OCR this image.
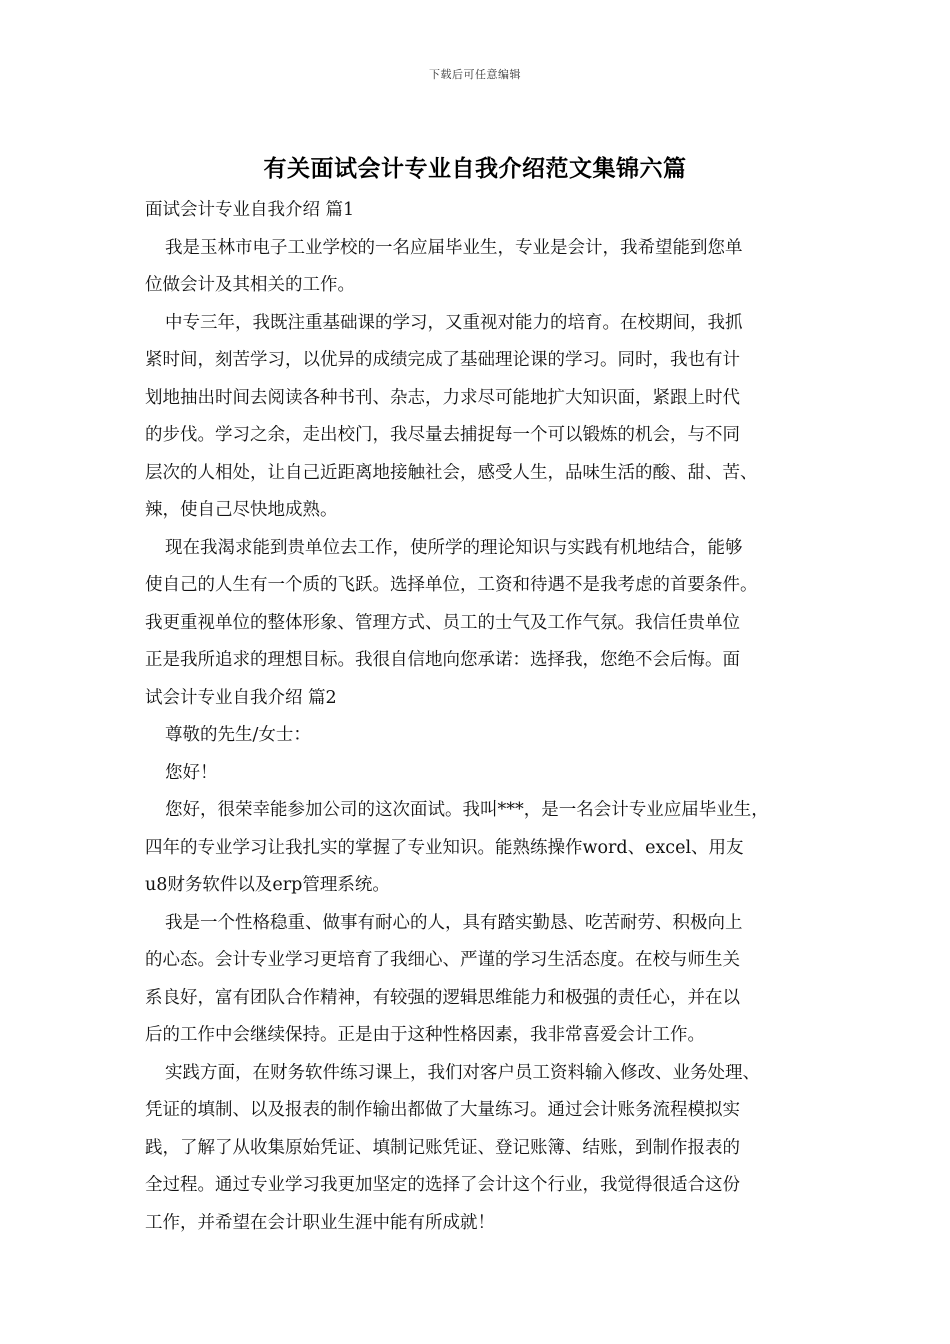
下载后可任意编辑
有关面试会计专业自我介绍范文集锦六篇
面试会计专业自我介绍 篇1
我是玉林市电子工业学校的一名应届毕业生，专业是会计，我希望能到您单
位做会计及其相关的工作。
中专三年，我既注重基础课的学习，又重视对能力的培育。在校期间，我抓
紧时间，刻苦学习，以优异的成绩完成了基础理论课的学习。同时，我也有计
划地抽出时间去阅读各种书刊、杂志，力求尽可能地扩大知识面，紧跟上时代
的步伐。学习之余，走出校门，我尽量去捕捉每一个可以锻炼的机会，与不同
层次的人相处，让自己近距离地接触社会，感受人生，品味生活的酸、甜、苦、
辣，使自己尽快地成熟。
现在我渴求能到贵单位去工作，使所学的理论知识与实践有机地结合，能够
使自己的人生有一个质的飞跃。选择单位，工资和待遇不是我考虑的首要条件。
我更重视单位的整体形象、管理方式、员工的士气及工作气氛。我信任贵单位
正是我所追求的理想目标。我很自信地向您承诺：选择我，您绝不会后悔。面
试会计专业自我介绍 篇2
尊敬的先生/女士：
您好！
您好，很荣幸能参加公司的这次面试。我叫***，是一名会计专业应届毕业生，
四年的专业学习让我扎实的掌握了专业知识。能熟练操作word、excel、用友
u8财务软件以及erp管理系统。
我是一个性格稳重、做事有耐心的人，具有踏实勤恳、吃苦耐劳、积极向上
的心态。会计专业学习更培育了我细心、严谨的学习生活态度。在校与师生关
系良好，富有团队合作精神，有较强的逻辑思维能力和极强的责任心，并在以
后的工作中会继续保持。正是由于这种性格因素，我非常喜爱会计工作。
实践方面，在财务软件练习课上，我们对客户员工资料输入修改、业务处理、
凭证的填制、以及报表的制作输出都做了大量练习。通过会计账务流程模拟实
践，了解了从收集原始凭证、填制记账凭证、登记账簿、结账，到制作报表的
全过程。通过专业学习我更加坚定的选择了会计这个行业，我觉得很适合这份
工作，并希望在会计职业生涯中能有所成就！
